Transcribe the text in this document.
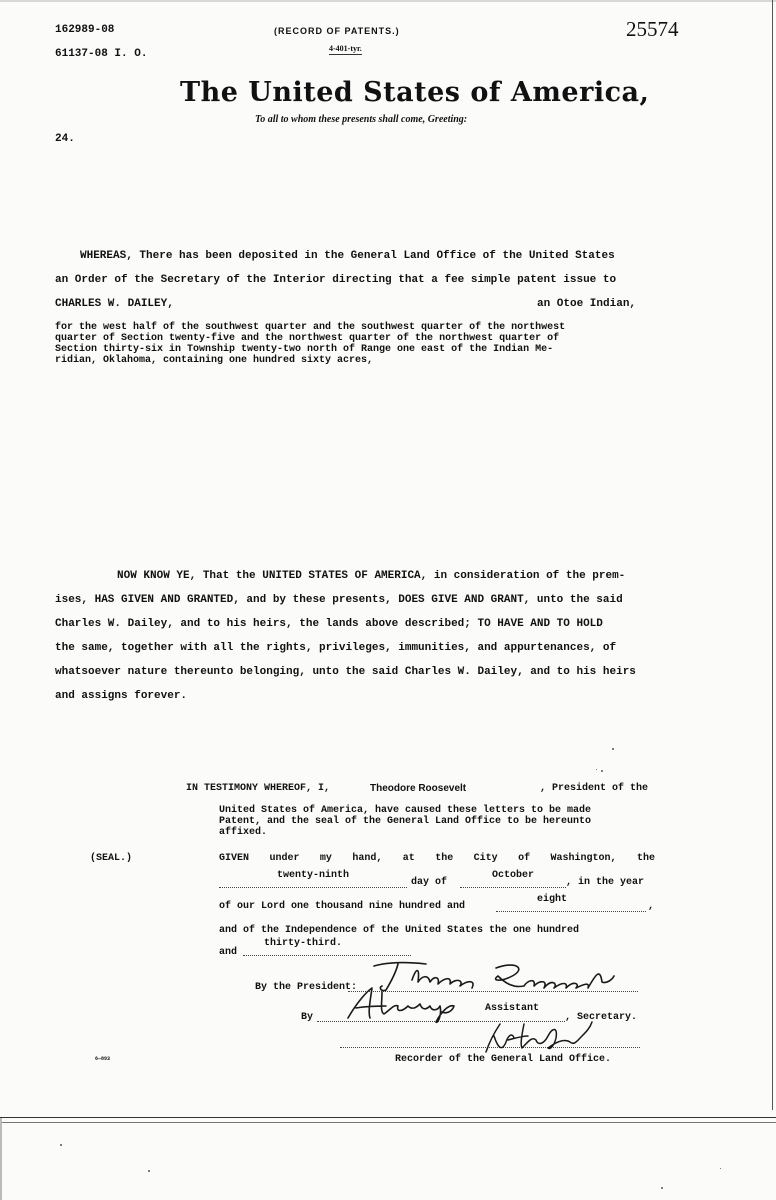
162989-08
61137-08 I. O.
(RECORD OF PATENTS.)
4-401-tyr.
25574
The United States of America,
To all to whom these presents shall come, Greeting:
24.
WHEREAS, There has been deposited in the General Land Office of the United States
an Order of the Secretary of the Interior directing that a fee simple patent issue to
CHARLES W. DAILEY,	an Otoe Indian,
for the west half of the southwest quarter and the southwest quarter of the northwest
quarter of Section twenty-five and the northwest quarter of the northwest quarter of
Section thirty-six in Township twenty-two north of Range one east of the Indian Me-
ridian, Oklahoma, containing one hundred sixty acres,
NOW KNOW YE, That the UNITED STATES OF AMERICA, in consideration of the prem-
ises, HAS GIVEN AND GRANTED, and by these presents, DOES GIVE AND GRANT, unto the said
Charles W. Dailey, and to his heirs, the lands above described; TO HAVE AND TO HOLD
the same, together with all the rights, privileges, immunities, and appurtenances, of
whatsoever nature thereunto belonging, unto the said Charles W. Dailey, and to his heirs
and assigns forever.
IN TESTIMONY WHEREOF, I,	Theodore Roosevelt	, President of the
United States of America, have caused these letters to be made
Patent, and the seal of the General Land Office to be hereunto
affixed.
(SEAL.)	GIVEN under my hand, at the City of Washington, the
twenty-ninth
day of
October
, in the year
of our Lord one thousand nine hundred and
eight
,
and of the Independence of the United States the one hundred
and
thirty-third.
By the President:
By
Assistant
, Secretary.
Recorder of the General Land Office.
6—893
